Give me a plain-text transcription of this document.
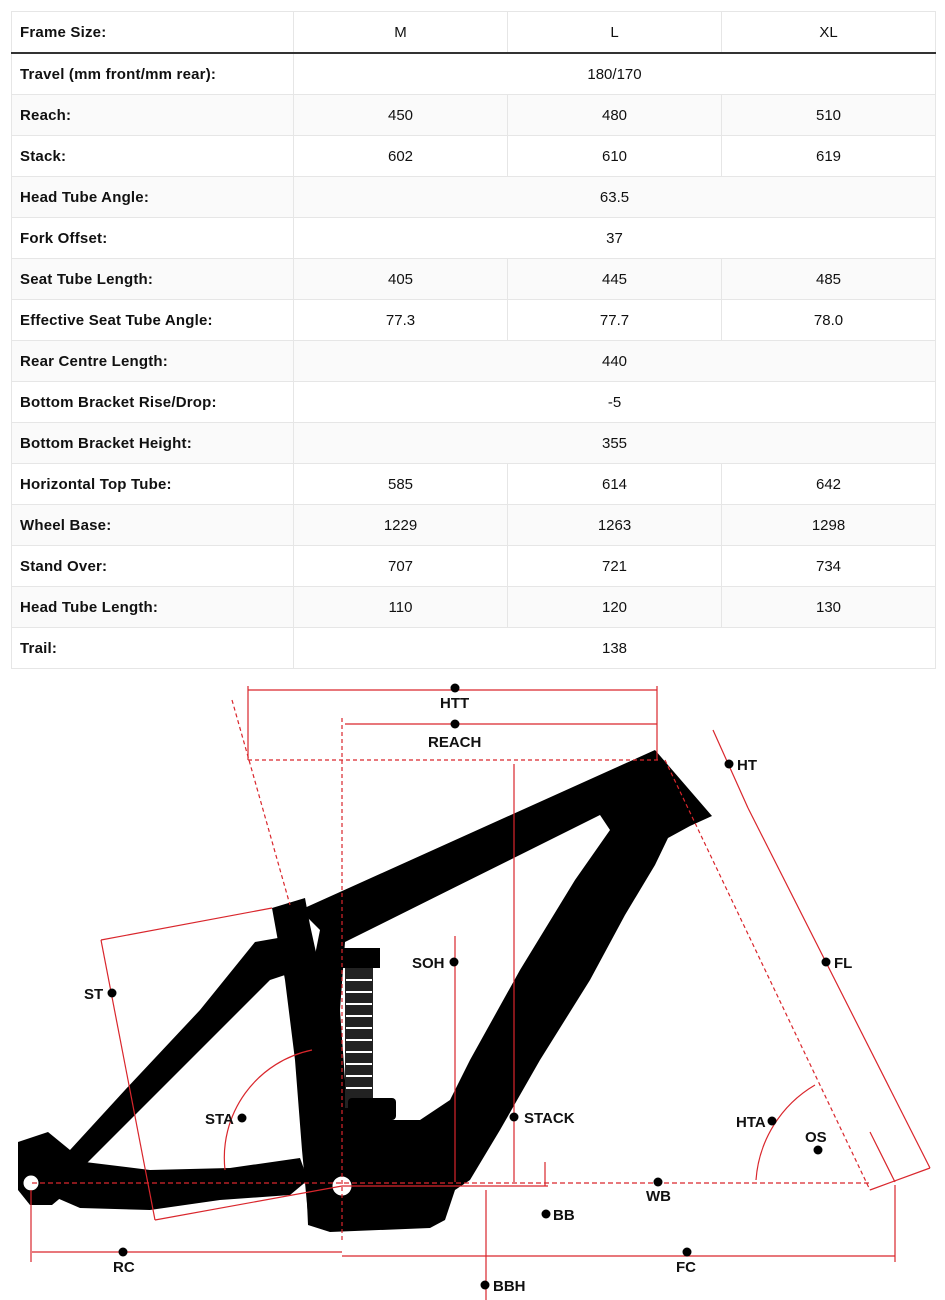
Frame Size:	M	L	XL
Travel (mm front/mm rear):	180/170		
Reach:	450	480	510
Stack:	602	610	619
Head Tube Angle:	63.5		
Fork Offset:	37		
Seat Tube Length:	405	445	485
Effective Seat Tube Angle:	77.3	77.7	78.0
Rear Centre Length:	440		
Bottom Bracket Rise/Drop:	-5		
Bottom Bracket Height:	355		
Horizontal Top Tube:	585	614	642
Wheel Base:	1229	1263	1298
Stand Over:	707	721	734
Head Tube Length:	110	120	130
Trail:	138		
HTT
REACH
HT
SOH
ST
FL
STA	STACK	HTA
OS
WB
BB
RC	FC
BBH
